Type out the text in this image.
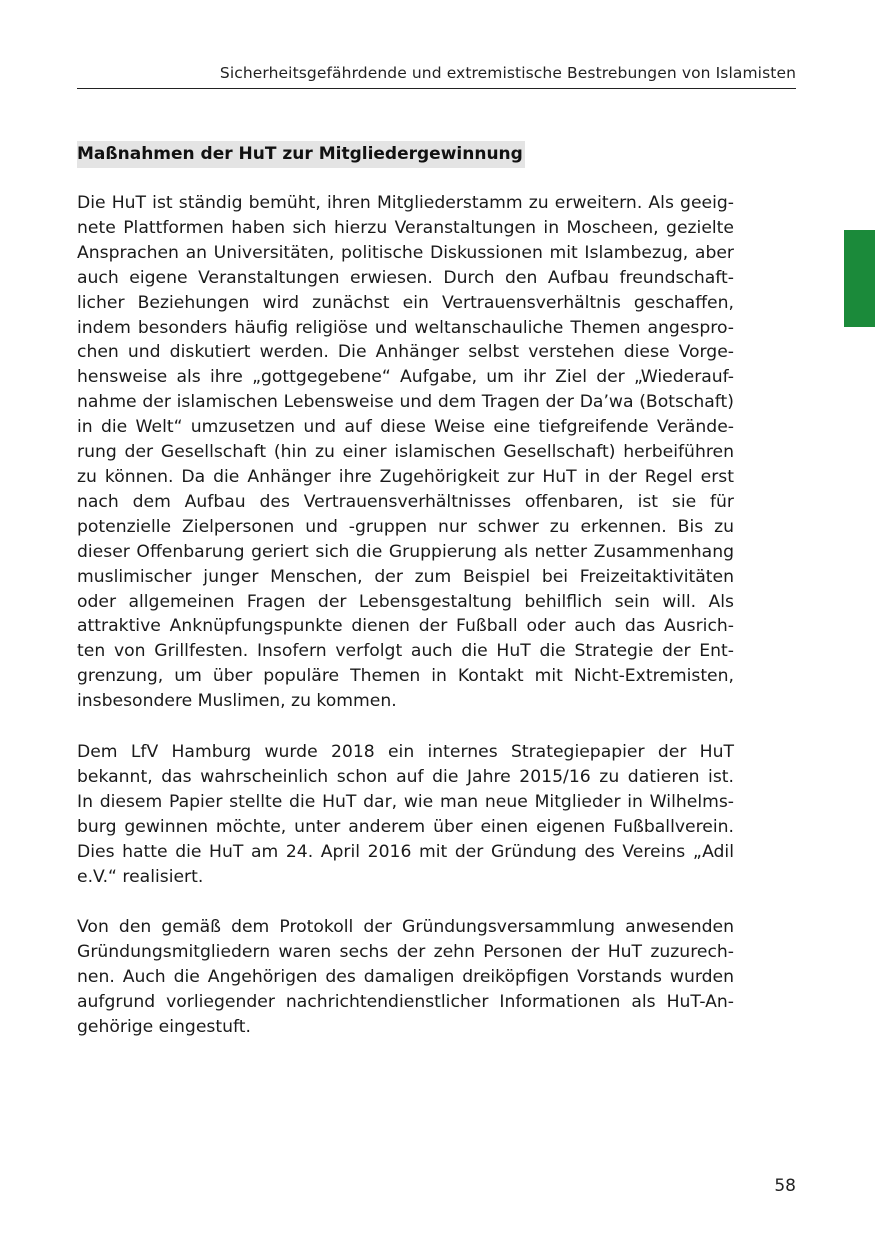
Sicherheitsgefährdende und extremistische Bestrebungen von Islamisten
Maßnahmen der HuT zur Mitgliedergewinnung

Die HuT ist ständig bemüht, ihren Mitgliederstamm zu erweitern. Als geeig-
nete Plattformen haben sich hierzu Veranstaltungen in Moscheen, gezielte
Ansprachen an Universitäten, politische Diskussionen mit Islambezug, aber
auch eigene Veranstaltungen erwiesen. Durch den Aufbau freundschaft-
licher Beziehungen wird zunächst ein Vertrauensverhältnis geschaffen,
indem besonders häufig religiöse und weltanschauliche Themen angespro-
chen und diskutiert werden. Die Anhänger selbst verstehen diese Vorge-
hensweise als ihre „gottgegebene“ Aufgabe, um ihr Ziel der „Wiederauf-
nahme der islamischen Lebensweise und dem Tragen der Da’wa (Botschaft)
in die Welt“ umzusetzen und auf diese Weise eine tiefgreifende Verände-
rung der Gesellschaft (hin zu einer islamischen Gesellschaft) herbeiführen
zu können. Da die Anhänger ihre Zugehörigkeit zur HuT in der Regel erst
nach dem Aufbau des Vertrauensverhältnisses offenbaren, ist sie für
potenzielle Zielpersonen und -gruppen nur schwer zu erkennen. Bis zu
dieser Offenbarung geriert sich die Gruppierung als netter Zusammenhang
muslimischer junger Menschen, der zum Beispiel bei Freizeitaktivitäten
oder allgemeinen Fragen der Lebensgestaltung behilflich sein will. Als
attraktive Anknüpfungspunkte dienen der Fußball oder auch das Ausrich-
ten von Grillfesten. Insofern verfolgt auch die HuT die Strategie der Ent-
grenzung, um über populäre Themen in Kontakt mit Nicht-Extremisten,
insbesondere Muslimen, zu kommen.

Dem LfV Hamburg wurde 2018 ein internes Strategiepapier der HuT
bekannt, das wahrscheinlich schon auf die Jahre 2015/16 zu datieren ist.
In diesem Papier stellte die HuT dar, wie man neue Mitglieder in Wilhelms-
burg gewinnen möchte, unter anderem über einen eigenen Fußballverein.
Dies hatte die HuT am 24. April 2016 mit der Gründung des Vereins „Adil
e.V.“ realisiert.

Von den gemäß dem Protokoll der Gründungsversammlung anwesenden
Gründungsmitgliedern waren sechs der zehn Personen der HuT zuzurech-
nen. Auch die Angehörigen des damaligen dreiköpfigen Vorstands wurden
aufgrund vorliegender nachrichtendienstlicher Informationen als HuT-An-
gehörige eingestuft.

58
